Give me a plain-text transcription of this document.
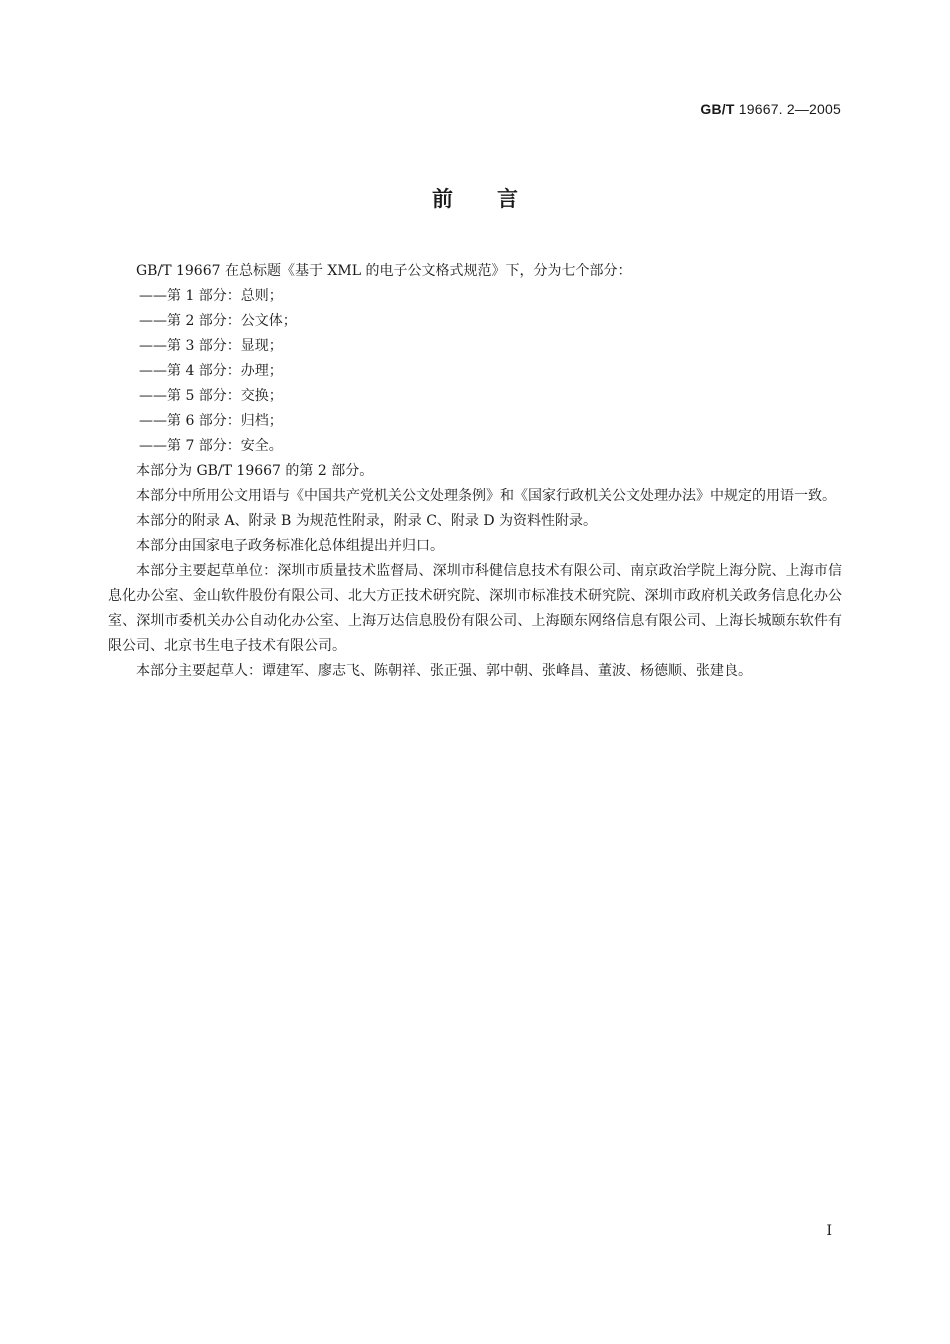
GB/T 19667. 2—2005
前言

GB/T 19667 在总标题《基于 XML 的电子公文格式规范》下，分为七个部分：

——第 1 部分：总则；

——第 2 部分：公文体；

——第 3 部分：显现；

——第 4 部分：办理；

——第 5 部分：交换；

——第 6 部分：归档；

——第 7 部分：安全。

本部分为 GB/T 19667 的第 2 部分。

本部分中所用公文用语与《中国共产党机关公文处理条例》和《国家行政机关公文处理办法》中规定的用语一致。

本部分的附录 A、附录 B 为规范性附录，附录 C、附录 D 为资料性附录。

本部分由国家电子政务标准化总体组提出并归口。

本部分主要起草单位：深圳市质量技术监督局、深圳市科健信息技术有限公司、南京政治学院上海分院、上海市信息化办公室、金山软件股份有限公司、北大方正技术研究院、深圳市标准技术研究院、深圳市政府机关政务信息化办公室、深圳市委机关办公自动化办公室、上海万达信息股份有限公司、上海颐东网络信息有限公司、上海长城颐东软件有限公司、北京书生电子技术有限公司。

本部分主要起草人：谭建军、廖志飞、陈朝祥、张正强、郭中朝、张峰昌、董波、杨德顺、张建良。

I
